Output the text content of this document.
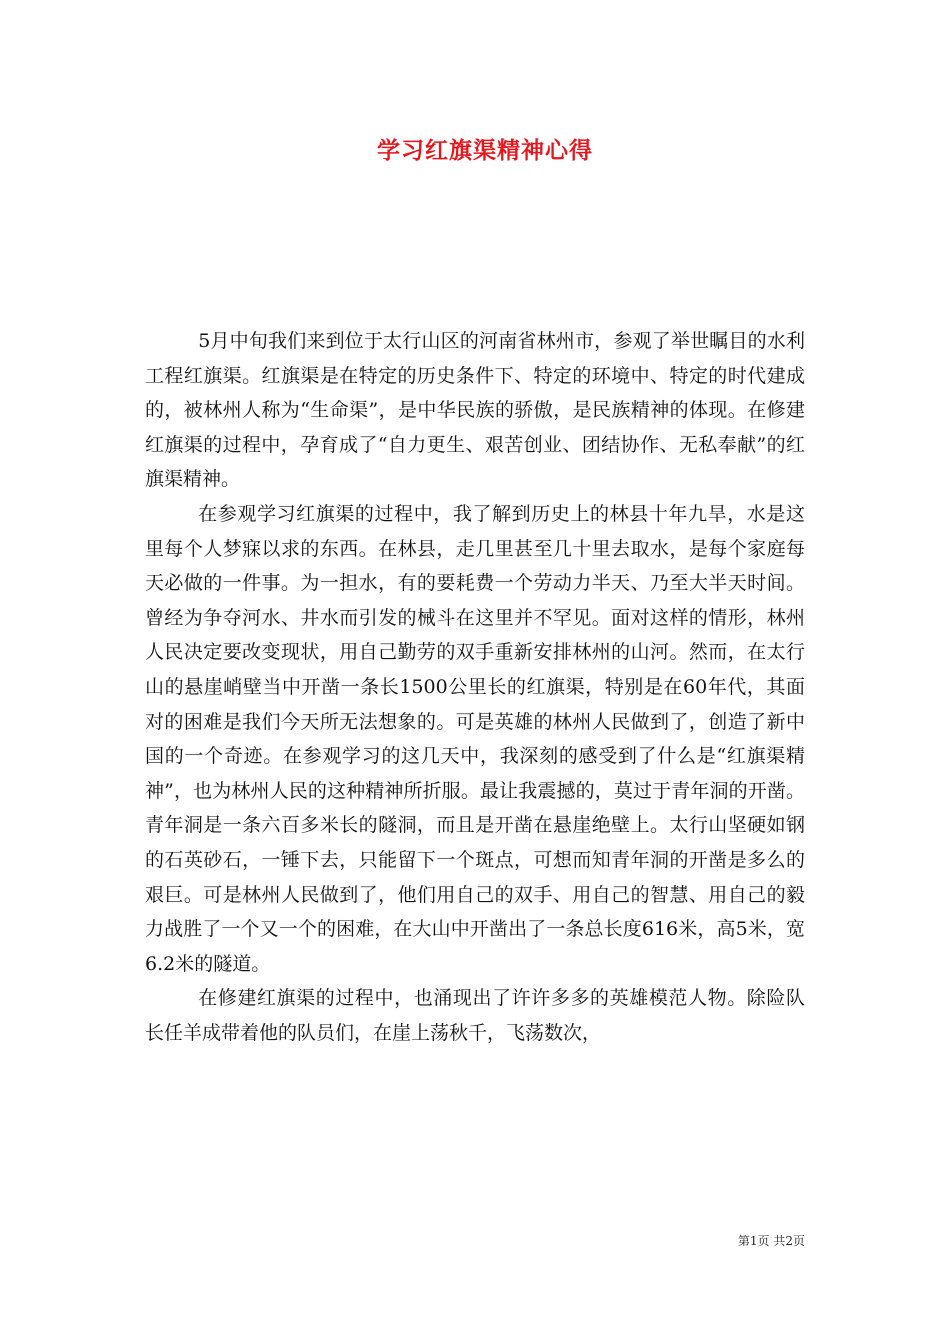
学习红旗渠精神心得

5月中旬我们来到位于太行山区的河南省林州市，参观了举世瞩目的水利工程红旗渠。红旗渠是在特定的历史条件下、特定的环境中、特定的时代建成的，被林州人称为“生命渠”，是中华民族的骄傲，是民族精神的体现。在修建红旗渠的过程中，孕育成了“自力更生、艰苦创业、团结协作、无私奉献”的红旗渠精神。

在参观学习红旗渠的过程中，我了解到历史上的林县十年九旱，水是这里每个人梦寐以求的东西。在林县，走几里甚至几十里去取水，是每个家庭每天必做的一件事。为一担水，有的要耗费一个劳动力半天、乃至大半天时间。曾经为争夺河水、井水而引发的械斗在这里并不罕见。面对这样的情形，林州人民决定要改变现状，用自己勤劳的双手重新安排林州的山河。然而，在太行山的悬崖峭壁当中开凿一条长1500公里长的红旗渠，特别是在60年代，其面对的困难是我们今天所无法想象的。可是英雄的林州人民做到了，创造了新中国的一个奇迹。在参观学习的这几天中，我深刻的感受到了什么是“红旗渠精神”，也为林州人民的这种精神所折服。最让我震撼的，莫过于青年洞的开凿。青年洞是一条六百多米长的隧洞，而且是开凿在悬崖绝壁上。太行山坚硬如钢的石英砂石，一锤下去，只能留下一个斑点，可想而知青年洞的开凿是多么的艰巨。可是林州人民做到了，他们用自己的双手、用自己的智慧、用自己的毅力战胜了一个又一个的困难，在大山中开凿出了一条总长度616米，高5米，宽6.2米的隧道。

在修建红旗渠的过程中，也涌现出了许许多多的英雄模范人物。除险队长任羊成带着他的队员们，在崖上荡秋千，飞荡数次，

第1页 共2页
